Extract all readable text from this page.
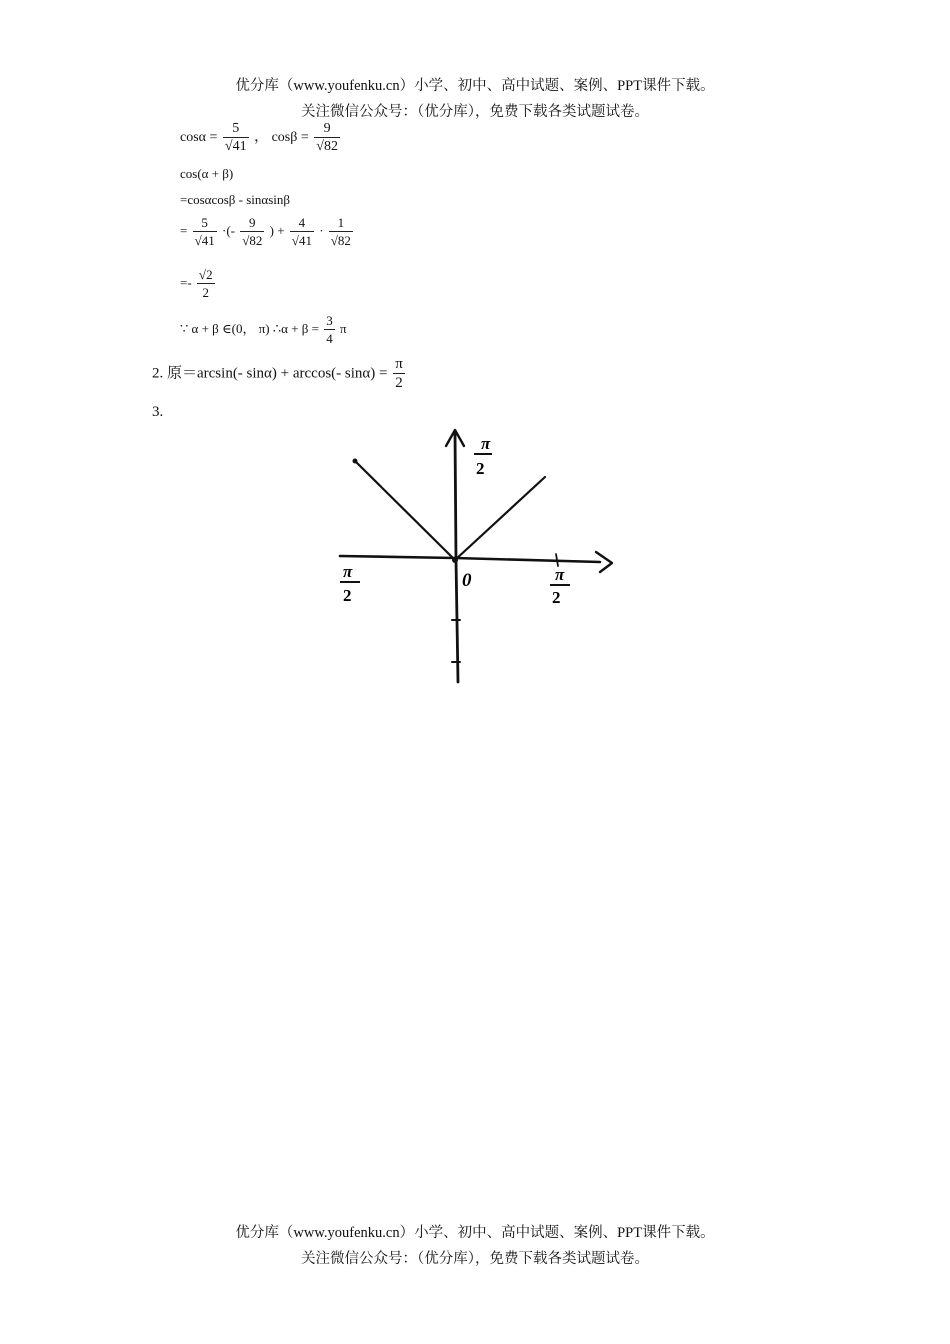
优分库（www.youfenku.cn）小学、初中、高中试题、案例、PPT课件下载。
关注微信公众号：（优分库），免费下载各类试题试卷。
$\cos\alpha = \frac{5}{√41}$ ， $\cos\beta = \frac{9}{√82}$
cos(α + β)
=cosαcosβ - sinαsinβ
= $\frac{5}{√41}$ ·(- $\frac{9}{√82}$ ) + $\frac{4}{√41} \cdot \frac{1}{√82}$
=- $\frac{√2}{2}$
∵ α + β ∈(0， π) ∴α + $\beta = \frac{3}{4}$ π
2. 原＝arcsin(- sinα) + arccos(- $\sin\alpha) = \frac{\pi}{2}$
3.
π
2
π
2
π
2
0
优分库（www.youfenku.cn）小学、初中、高中试题、案例、PPT课件下载。
关注微信公众号：（优分库），免费下载各类试题试卷。
